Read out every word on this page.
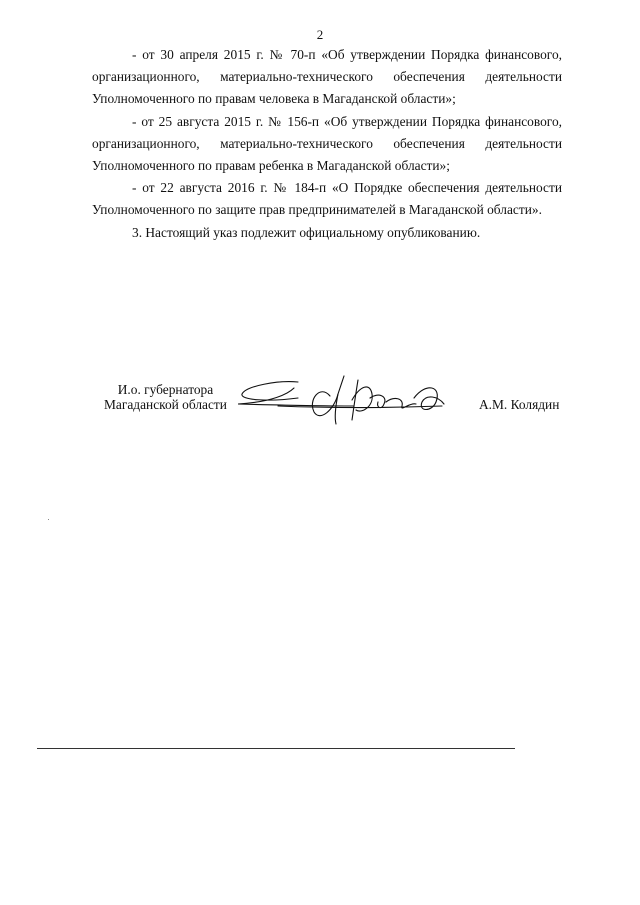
2

- от 30 апреля 2015 г. № 70-п «Об утверждении Порядка финансового, организационного, материально-технического обеспечения деятельности Уполномоченного по правам человека в Магаданской области»;

- от 25 августа 2015 г. № 156-п «Об утверждении Порядка финансового, организационного, материально-технического обеспечения деятельности Уполномоченного по правам ребенка в Магаданской области»;

- от 22 августа 2016 г. № 184-п «О Порядке обеспечения деятельности Уполномоченного по защите прав предпринимателей в Магаданской области».

3. Настоящий указ подлежит официальному опубликованию.

И.о. губернатора
Магаданской области	А.М. Колядин
